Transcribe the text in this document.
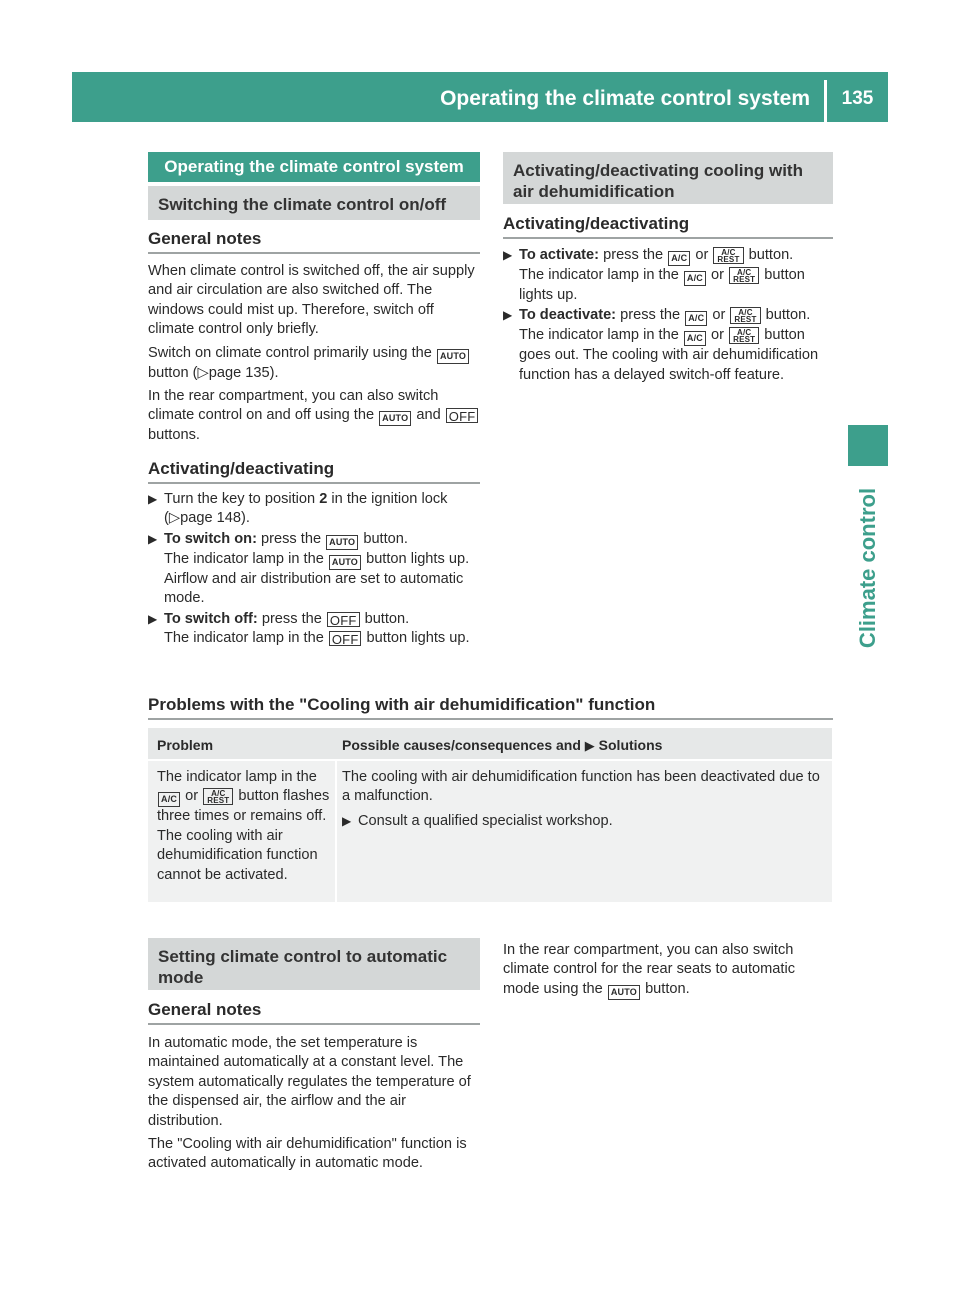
Operating the climate control system	135
Climate control
Operating the climate control system
Switching the climate control on/off
General notes

When climate control is switched off, the air supply and air circulation are also switched off. The windows could mist up. Therefore, switch off climate control only briefly.

Switch on climate control primarily using the AUTO button (▷page 135).

In the rear compartment, you can also switch climate control on and off using the AUTO and OFF buttons.

Activating/deactivating
▶ Turn the key to position 2 in the ignition lock (▷page 148).
▶ To switch on: press the AUTO button.
The indicator lamp in the AUTO button lights up. Airflow and air distribution are set to automatic mode.
▶ To switch off: press the OFF button.
The indicator lamp in the OFF button lights up.
Activating/deactivating cooling with air dehumidification
Activating/deactivating
▶ To activate: press the A/C or A/C
REST button.
The indicator lamp in the A/C or A/C
REST button lights up.
▶ To deactivate: press the A/C or A/C
REST button.
The indicator lamp in the A/C or A/C
REST button goes out. The cooling with air dehumidification function has a delayed switch-off feature.
Problems with the "Cooling with air dehumidification" function
Problem	Possible causes/consequences and ▶ Solutions
The indicator lamp in the A/C or A/C
REST button flashes three times or remains off. The cooling with air dehumidification function cannot be activated.

The cooling with air dehumidification function has been deactivated due to a malfunction.

▶ Consult a qualified specialist workshop.
Setting climate control to automatic mode
General notes

In automatic mode, the set temperature is maintained automatically at a constant level. The system automatically regulates the temperature of the dispensed air, the airflow and the air distribution.

The "Cooling with air dehumidification" function is activated automatically in automatic mode.

In the rear compartment, you can also switch climate control for the rear seats to automatic mode using the AUTO button.
